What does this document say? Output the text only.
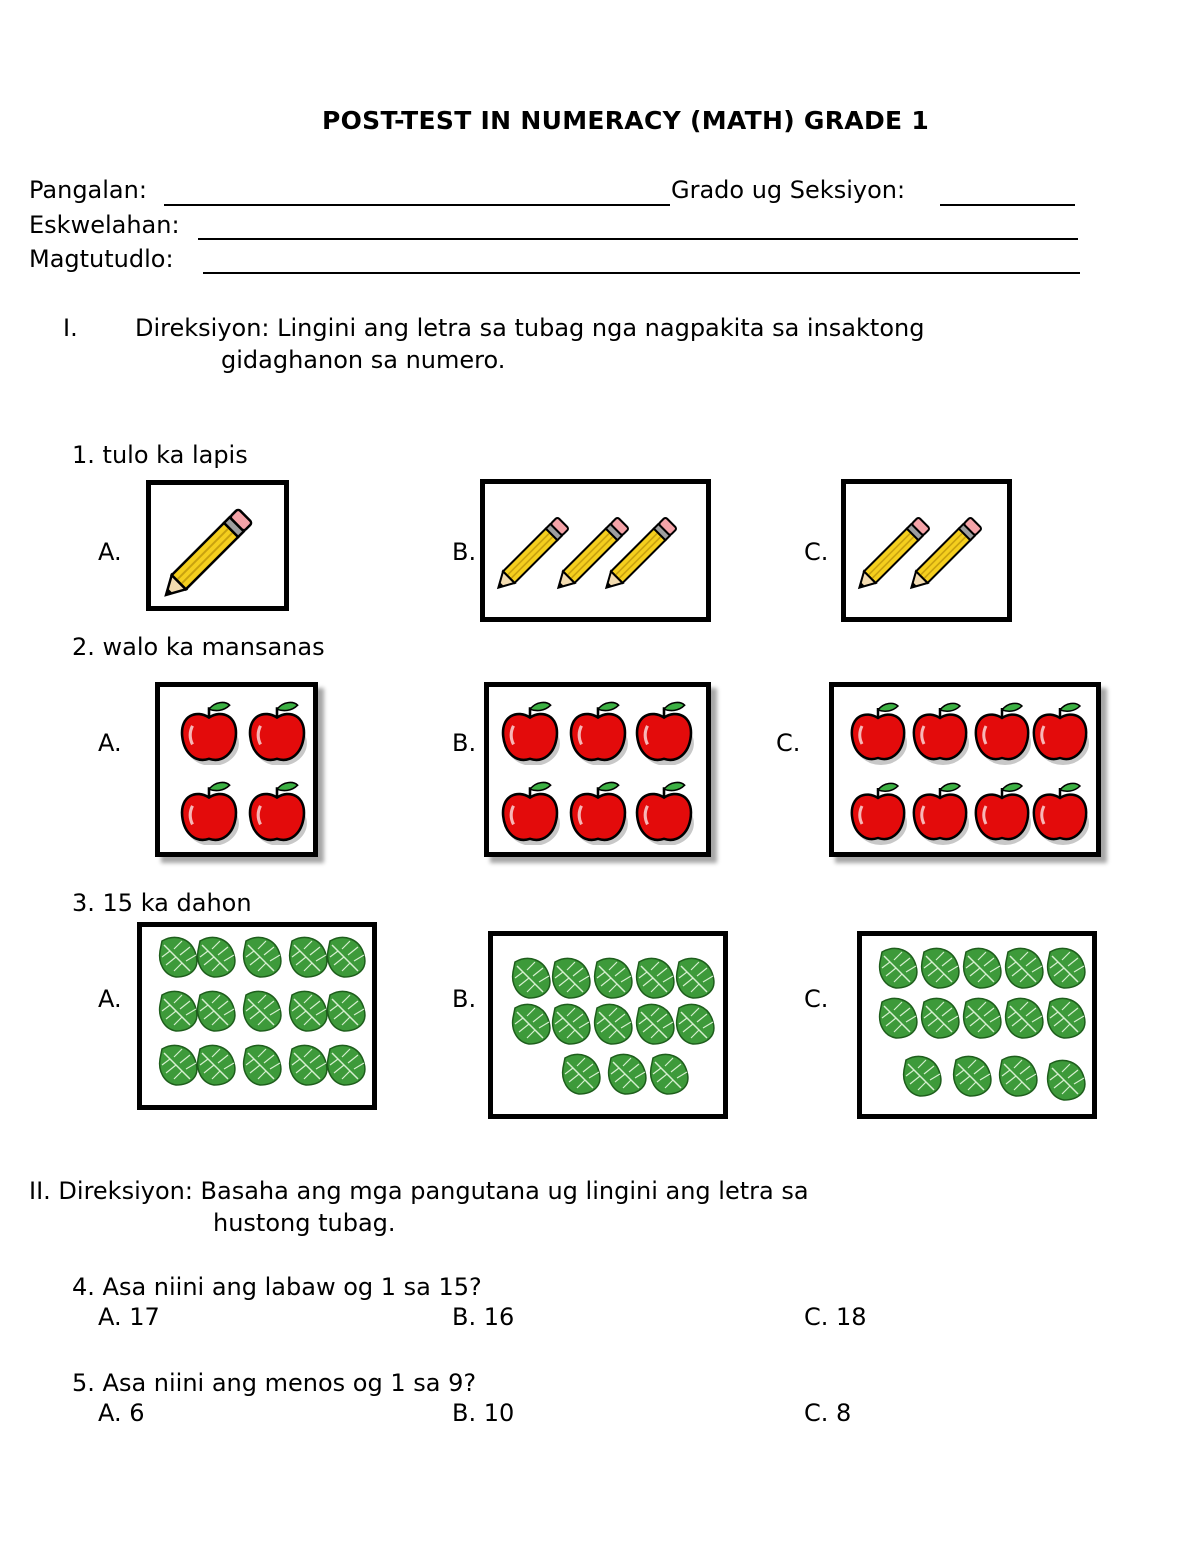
POST-TEST IN NUMERACY (MATH) GRADE 1
Pangalan:	Grado ug Seksiyon:
Eskwelahan:
Magtutudlo:
I. Direksiyon: Lingini ang letra sa tubag nga nagpakita sa insaktong
gidaghanon sa numero.
1. tulo ka lapis
A.	B.	C.
2. walo ka mansanas
A.	B.	C.
3. 15 ka dahon
A.	B.	C.
II. Direksiyon: Basaha ang mga pangutana ug lingini ang letra sa
hustong tubag.
4. Asa niini ang labaw og 1 sa 15?
A. 17	B. 16	C. 18
5. Asa niini ang menos og 1 sa 9?
A. 6	B. 10	C. 8
